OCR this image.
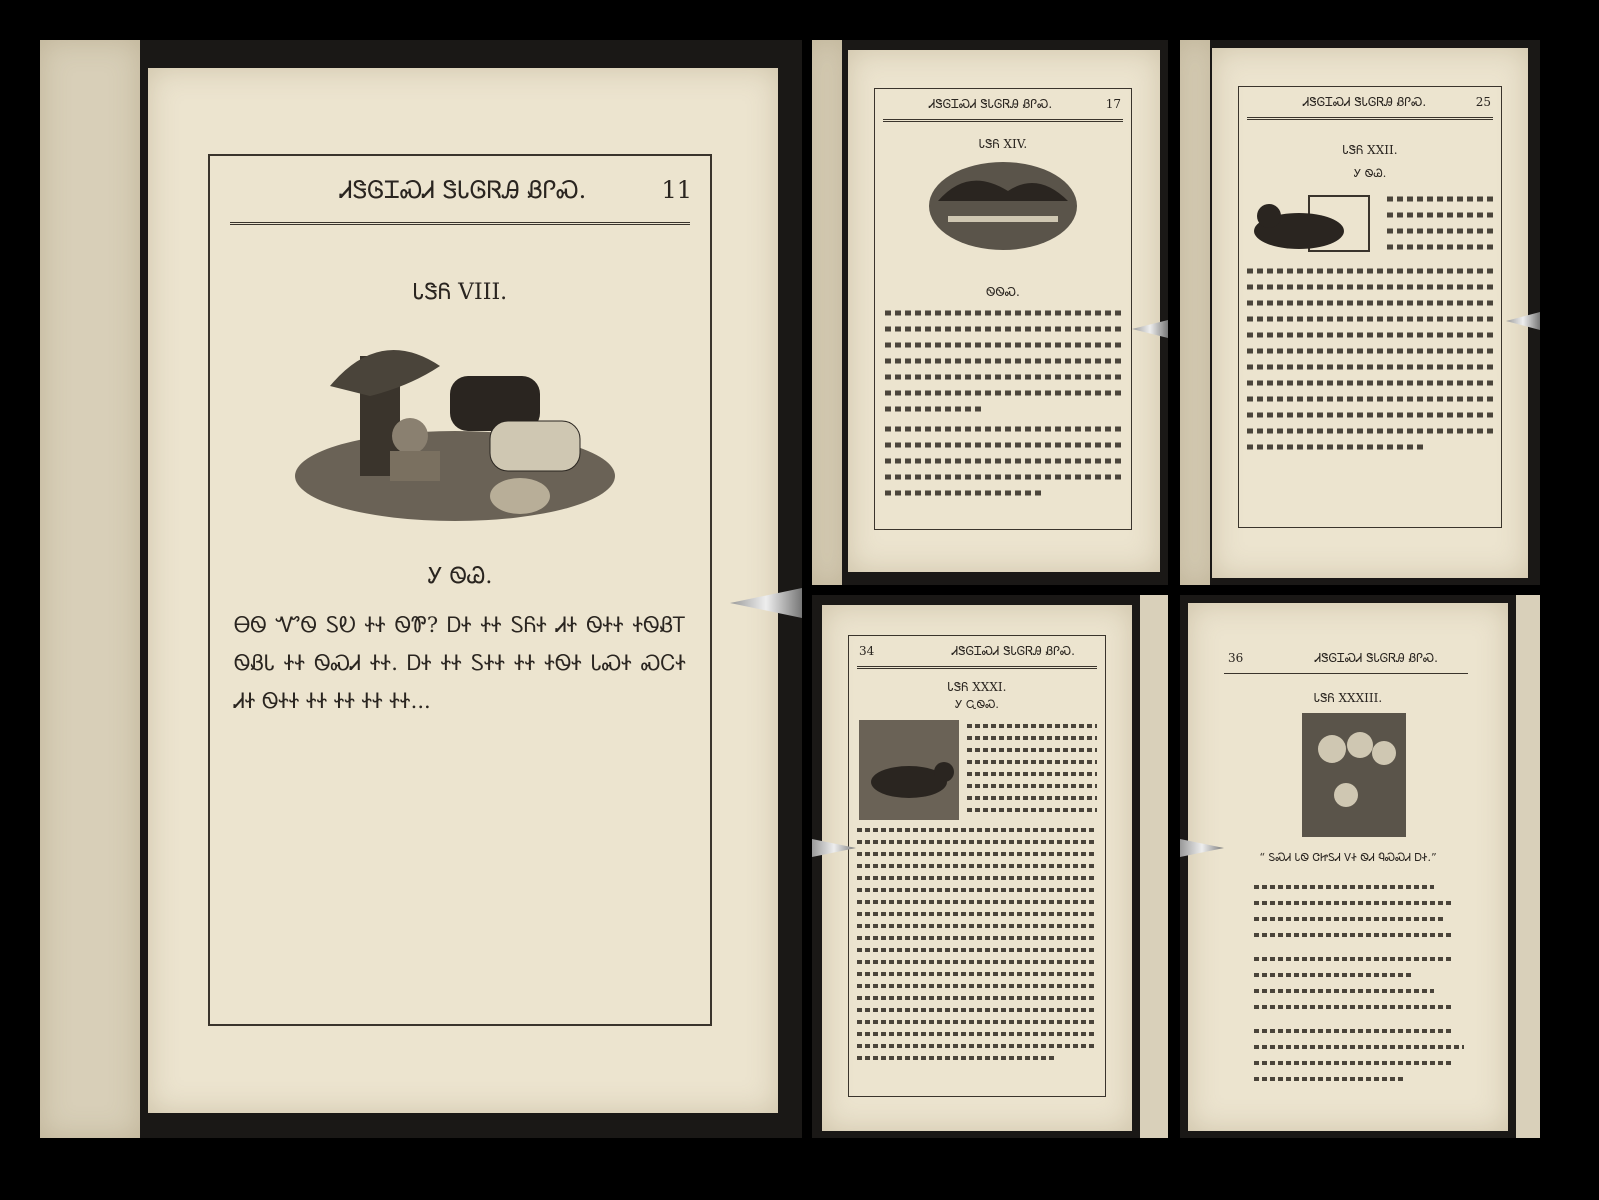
ᏗᏕᎶᏆᏍᏗ ᏕᏓᎶᏒᎯ ᏰᎵᏍ.	11
ᏓᏕᏲ VIII.
Ꭹ ᏫᏊ.
ᎾᏫ ᏉᏫ ᏚᎧ ᏐᏐ ᏫᏈ? ᎠᏐ ᏐᏐ ᏚᏲᏐ ᏗᏐ ᏫᏐᏐ ᏐᏫᏰᎢ ᏫᏰᏓ ᏐᏐ ᏫᏍᏗ ᏐᏐ. ᎠᏐ ᏐᏐ ᏚᏐᏐ ᏐᏐ ᏐᏫᏐ ᏓᏍᏐ ᏍᏟᏐ ᏗᏐ ᏫᏐᏐ ᏐᏐ ᏐᏐ ᏐᏐ ᏐᏐ...
ᏗᏕᎶᏆᏍᏗ ᏕᏓᎶᏒᎯ ᏰᎵᏍ.	17
ᏓᏕᏲ XIV.
ᏫᏫᏍ.
ᏗᏕᎶᏆᏍᏗ ᏕᏓᎶᏒᎯ ᏰᎵᏍ.	25
ᏓᏕᏲ XXII.
Ꭹ ᏫᏊ.
34	ᏗᏕᎶᏆᏍᏗ ᏕᏓᎶᏒᎯ ᏰᎵᏍ.
ᏓᏕᏲ XXXI.
Ꭹ ᏩᏫᏍ.
36	ᏗᏕᎶᏆᏍᏗ ᏕᏓᎶᏒᎯ ᏰᎵᏍ.
ᏓᏕᏲ XXXIII.
“ ᏚᏍᏗ ᏓᏫ ᏣᏥᏚᏗ ᏙᏐ ᏫᏗ ᏄᏍᏍᏗ ᎠᏐ.”
